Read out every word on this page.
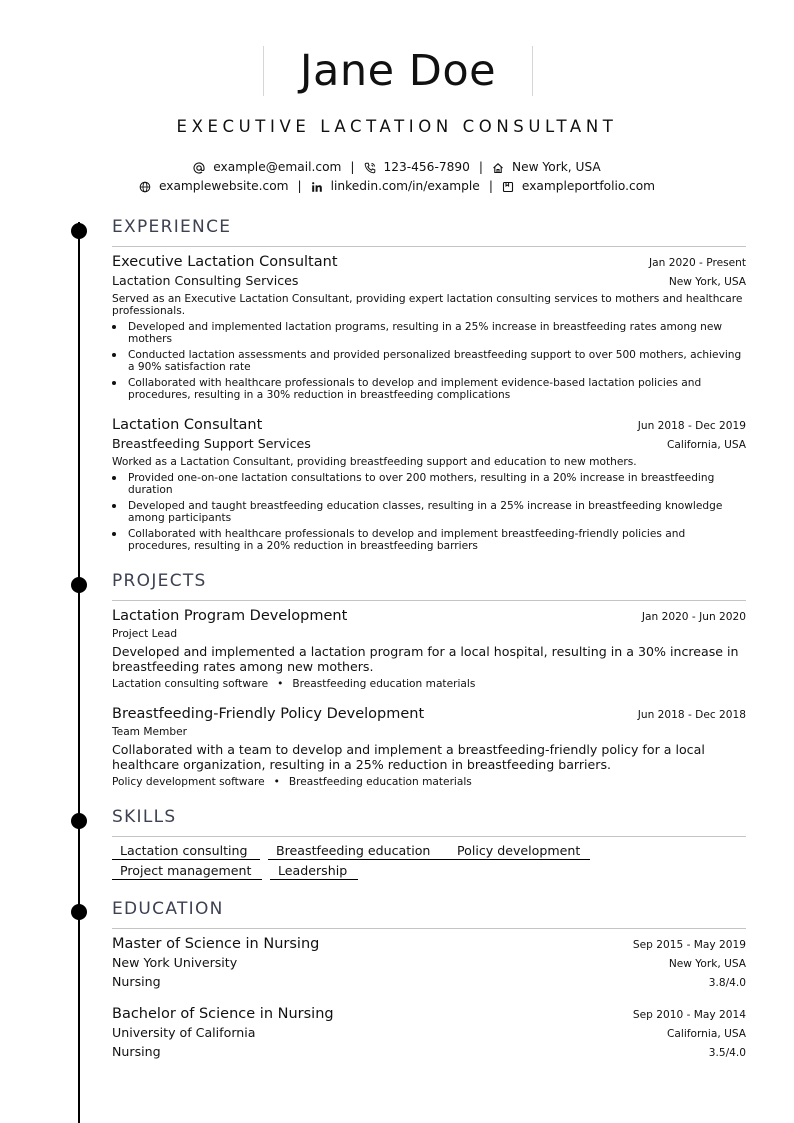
Jane Doe
EXECUTIVE LACTATION CONSULTANT
example@email.com | 123-456-7890 | New York, USA
examplewebsite.com | linkedin.com/in/example | exampleportfolio.com
EXPERIENCE
Executive Lactation Consultant	Jan 2020 - Present
Lactation Consulting Services	New York, USA
Served as an Executive Lactation Consultant, providing expert lactation consulting services to mothers and healthcare professionals.
Developed and implemented lactation programs, resulting in a 25% increase in breastfeeding rates among new mothers
Conducted lactation assessments and provided personalized breastfeeding support to over 500 mothers, achieving a 90% satisfaction rate
Collaborated with healthcare professionals to develop and implement evidence-based lactation policies and procedures, resulting in a 30% reduction in breastfeeding complications
Lactation Consultant	Jun 2018 - Dec 2019
Breastfeeding Support Services	California, USA
Worked as a Lactation Consultant, providing breastfeeding support and education to new mothers.
Provided one-on-one lactation consultations to over 200 mothers, resulting in a 20% increase in breastfeeding duration
Developed and taught breastfeeding education classes, resulting in a 25% increase in breastfeeding knowledge among participants
Collaborated with healthcare professionals to develop and implement breastfeeding-friendly policies and procedures, resulting in a 20% reduction in breastfeeding barriers
PROJECTS
Lactation Program Development	Jan 2020 - Jun 2020
Project Lead
Developed and implemented a lactation program for a local hospital, resulting in a 30% increase in breastfeeding rates among new mothers.
Lactation consulting software • Breastfeeding education materials
Breastfeeding-Friendly Policy Development	Jun 2018 - Dec 2018
Team Member
Collaborated with a team to develop and implement a breastfeeding-friendly policy for a local healthcare organization, resulting in a 25% reduction in breastfeeding barriers.
Policy development software • Breastfeeding education materials
SKILLS
Lactation consulting	Breastfeeding education	Policy development
Project management	Leadership
EDUCATION
Master of Science in Nursing	Sep 2015 - May 2019
New York University	New York, USA
Nursing	3.8/4.0
Bachelor of Science in Nursing	Sep 2010 - May 2014
University of California	California, USA
Nursing	3.5/4.0
